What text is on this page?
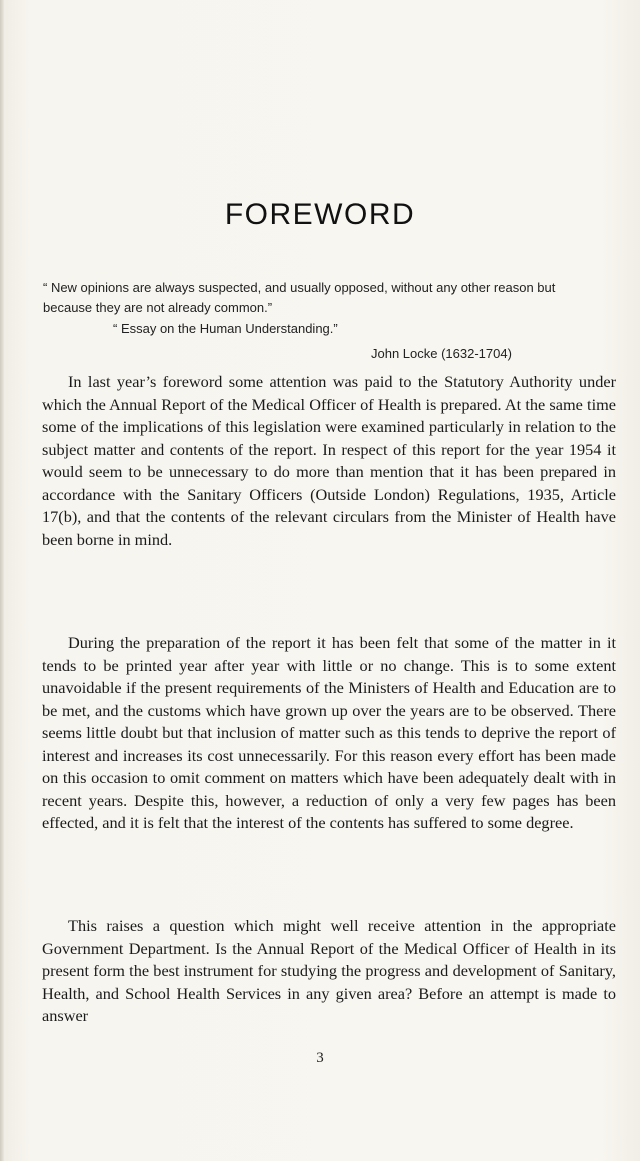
FOREWORD

“ New opinions are always suspected, and usually opposed, without any other reason but because they are not already common.”

“ Essay on the Human Understanding.”

John Locke (1632-1704)

In last year’s foreword some attention was paid to the Statutory Authority under which the Annual Report of the Medical Officer of Health is prepared. At the same time some of the implications of this legislation were examined particularly in relation to the subject matter and contents of the report. In respect of this report for the year 1954 it would seem to be unnecessary to do more than mention that it has been prepared in accordance with the Sanitary Officers (Outside London) Regulations, 1935, Article 17(b), and that the contents of the relevant circulars from the Minister of Health have been borne in mind.

During the preparation of the report it has been felt that some of the matter in it tends to be printed year after year with little or no change. This is to some extent unavoidable if the present requirements of the Ministers of Health and Education are to be met, and the customs which have grown up over the years are to be observed. There seems little doubt but that inclusion of matter such as this tends to deprive the report of interest and increases its cost unnecessarily. For this reason every effort has been made on this occasion to omit comment on matters which have been adequately dealt with in recent years. Despite this, however, a reduction of only a very few pages has been effected, and it is felt that the interest of the contents has suffered to some degree.

This raises a question which might well receive attention in the appropriate Government Department. Is the Annual Report of the Medical Officer of Health in its present form the best instrument for studying the progress and development of Sanitary, Health, and School Health Services in any given area? Before an attempt is made to answer

3
